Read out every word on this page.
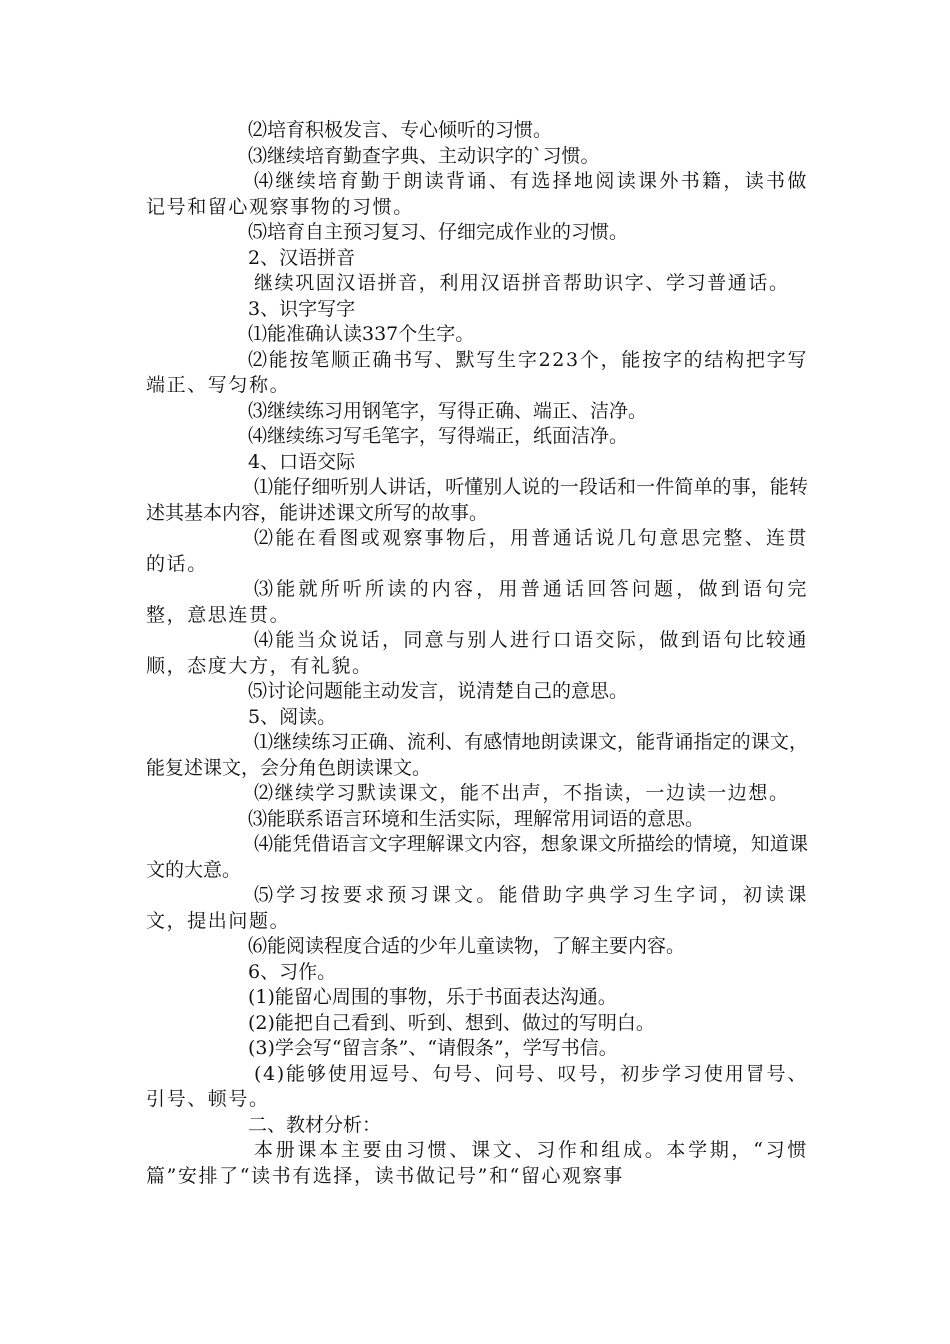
⑵培育积极发言、专心倾听的习惯。

⑶继续培育勤查字典、主动识字的`习惯。

⑷继续培育勤于朗读背诵、有选择地阅读课外书籍，读书做记号和留心观察事物的习惯。

⑸培育自主预习复习、仔细完成作业的习惯。

2、汉语拼音

继续巩固汉语拼音，利用汉语拼音帮助识字、学习普通话。

3、识字写字

⑴能准确认读337个生字。

⑵能按笔顺正确书写、默写生字223个，能按字的结构把字写端正、写匀称。

⑶继续练习用钢笔字，写得正确、端正、洁净。

⑷继续练习写毛笔字，写得端正，纸面洁净。

4、口语交际

⑴能仔细听别人讲话，听懂别人说的一段话和一件简单的事，能转述其基本内容，能讲述课文所写的故事。

⑵能在看图或观察事物后，用普通话说几句意思完整、连贯的话。

⑶能就所听所读的内容，用普通话回答问题，做到语句完整，意思连贯。

⑷能当众说话，同意与别人进行口语交际，做到语句比较通顺，态度大方，有礼貌。

⑸讨论问题能主动发言，说清楚自己的意思。

5、阅读。

⑴继续练习正确、流利、有感情地朗读课文，能背诵指定的课文，能复述课文，会分角色朗读课文。

⑵继续学习默读课文，能不出声，不指读，一边读一边想。

⑶能联系语言环境和生活实际，理解常用词语的意思。

⑷能凭借语言文字理解课文内容，想象课文所描绘的情境，知道课文的大意。

⑸学习按要求预习课文。能借助字典学习生字词，初读课文，提出问题。

⑹能阅读程度合适的少年儿童读物，了解主要内容。

6、习作。

(1)能留心周围的事物，乐于书面表达沟通。

(2)能把自己看到、听到、想到、做过的写明白。

(3)学会写“留言条”、“请假条”，学写书信。

(4)能够使用逗号、句号、问号、叹号，初步学习使用冒号、引号、顿号。

二、教材分析：

本册课本主要由习惯、课文、习作和组成。本学期，“习惯篇”安排了“读书有选择，读书做记号”和“留心观察事
